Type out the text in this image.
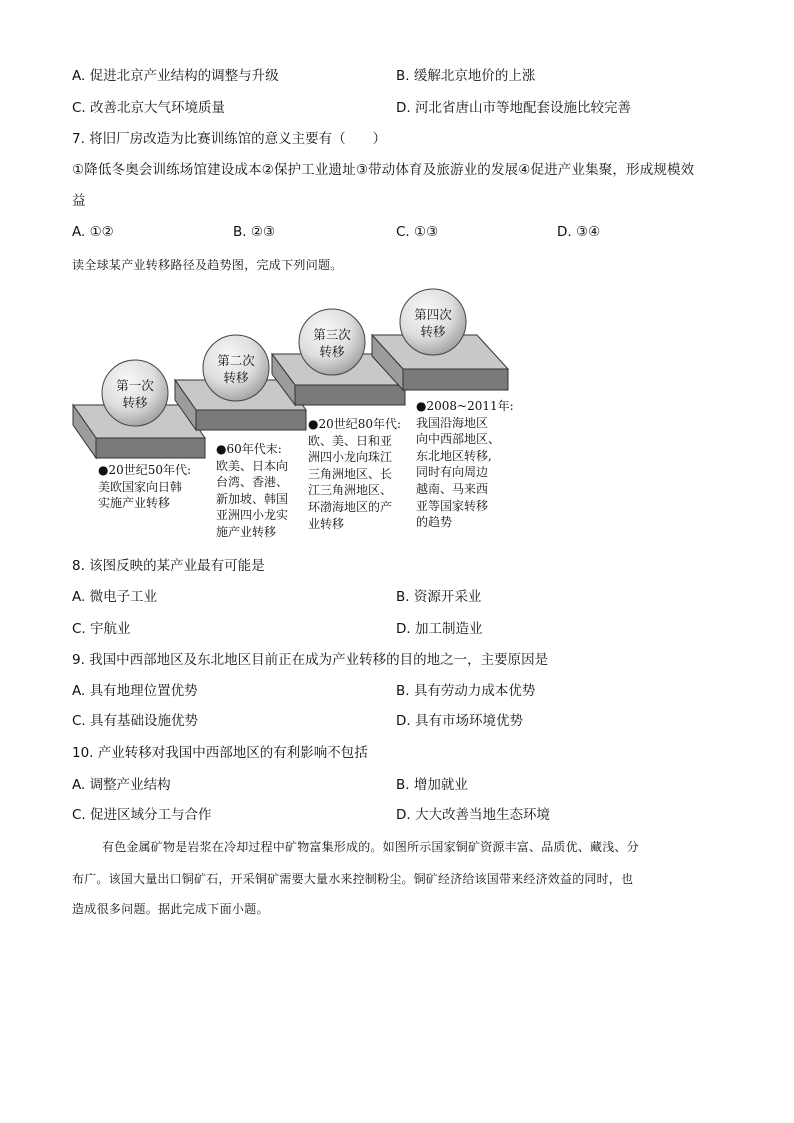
A. 促进北京产业结构的调整与升级	B. 缓解北京地价的上涨
C. 改善北京大气环境质量	D. 河北省唐山市等地配套设施比较完善
7. 将旧厂房改造为比赛训练馆的意义主要有（　　）
①降低冬奥会训练场馆建设成本②保护工业遗址③带动体育及旅游业的发展④促进产业集聚，形成规模效
益
A. ①②	B. ②③	C. ①③	D. ③④
读全球某产业转移路径及趋势图，完成下列问题。
第一次
转移
第二次
转移
第三次
转移
第四次
转移
●20世纪50年代:
美欧国家向日韩
实施产业转移
●60年代末:
欧美、日本向
台湾、香港、
新加坡、韩国
亚洲四小龙实
施产业转移
●20世纪80年代:
欧、美、日和亚
洲四小龙向珠江
三角洲地区、长
江三角洲地区、
环渤海地区的产
业转移
●2008~2011年:
我国沿海地区
向中西部地区、
东北地区转移,
同时有向周边
越南、马来西
亚等国家转移
的趋势
8. 该图反映的某产业最有可能是
A. 微电子工业	B. 资源开采业
C. 宇航业	D. 加工制造业
9. 我国中西部地区及东北地区目前正在成为产业转移的目的地之一，主要原因是
A. 具有地理位置优势	B. 具有劳动力成本优势
C. 具有基础设施优势	D. 具有市场环境优势
10. 产业转移对我国中西部地区的有利影响不包括
A. 调整产业结构	B. 增加就业
C. 促进区域分工与合作	D. 大大改善当地生态环境
有色金属矿物是岩浆在冷却过程中矿物富集形成的。如图所示国家铜矿资源丰富、品质优、藏浅、分
布广。该国大量出口铜矿石，开采铜矿需要大量水来控制粉尘。铜矿经济给该国带来经济效益的同时，也
造成很多问题。据此完成下面小题。
